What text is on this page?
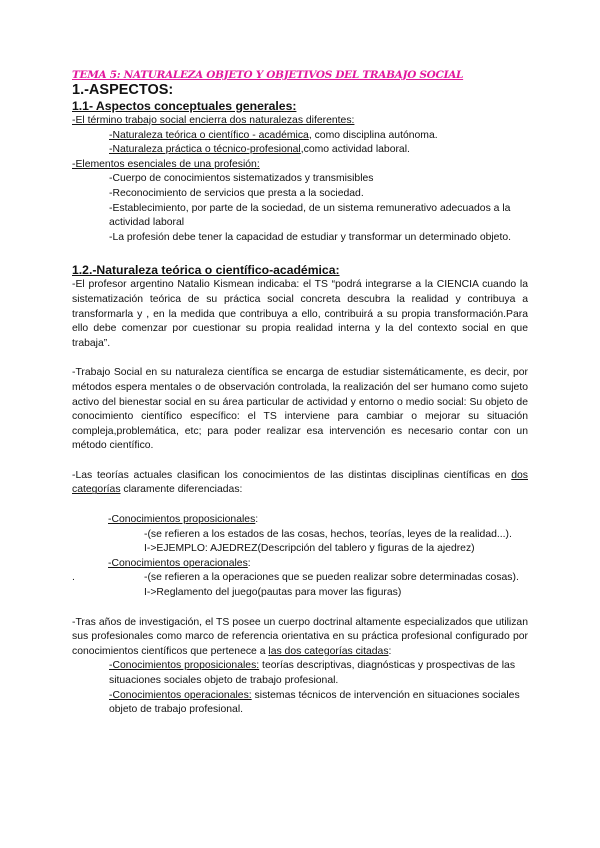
TEMA 5: NATURALEZA OBJETO Y OBJETIVOS DEL TRABAJO SOCIAL

1.-ASPECTOS:

1.1- Aspectos conceptuales generales:

-El término trabajo social encierra dos naturalezas diferentes:

-Naturaleza teórica o científico - académica, como disciplina autónoma.

-Naturaleza práctica o técnico-profesional,como actividad laboral.

-Elementos esenciales de una profesión:

-Cuerpo de conocimientos sistematizados y transmisibles

-Reconocimiento de servicios que presta a la sociedad.

-Establecimiento, por parte de la sociedad, de un sistema remunerativo adecuados a la actividad laboral

-La profesión debe tener la capacidad de estudiar y transformar un determinado objeto.

1.2.-Naturaleza teórica o científico-académica:

-El profesor argentino Natalio Kismean indicaba: el TS “podrá integrarse a la CIENCIA cuando la sistematización teórica de su práctica social concreta descubra la realidad y contribuya a transformarla y , en la medida que contribuya a ello, contribuirá a su propia transformación.Para ello debe comenzar por cuestionar su propia realidad interna y la del contexto social en que trabaja”.

-Trabajo Social en su naturaleza científica se encarga de estudiar sistemáticamente, es decir, por métodos espera mentales o de observación controlada, la realización del ser humano como sujeto activo del bienestar social en su área particular de actividad y entorno o medio social: Su objeto de conocimiento científico específico: el TS interviene para cambiar o mejorar su situación compleja,problemática, etc; para poder realizar esa intervención es necesario contar con un método científico.

-Las teorías actuales clasifican los conocimientos de las distintas disciplinas científicas en dos categorías claramente diferenciadas:

-Conocimientos proposicionales:

-(se refieren a los estados de las cosas, hechos, teorías, leyes de la realidad...).

I->EJEMPLO: AJEDREZ(Descripción del tablero y figuras de la ajedrez)

-Conocimientos operacionales:

.	-(se refieren a la operaciones que se pueden realizar sobre determinadas cosas).

I->Reglamento del juego(pautas para mover las figuras)

-Tras años de investigación, el TS posee un cuerpo doctrinal altamente especializados que utilizan sus profesionales como marco de referencia orientativa en su práctica profesional configurado por conocimientos científicos que pertenece a las dos categorías citadas:

-Conocimientos proposicionales: teorías descriptivas, diagnósticas y prospectivas de las situaciones sociales objeto de trabajo profesional.

-Conocimientos operacionales: sistemas técnicos de intervención en situaciones sociales objeto de trabajo profesional.
